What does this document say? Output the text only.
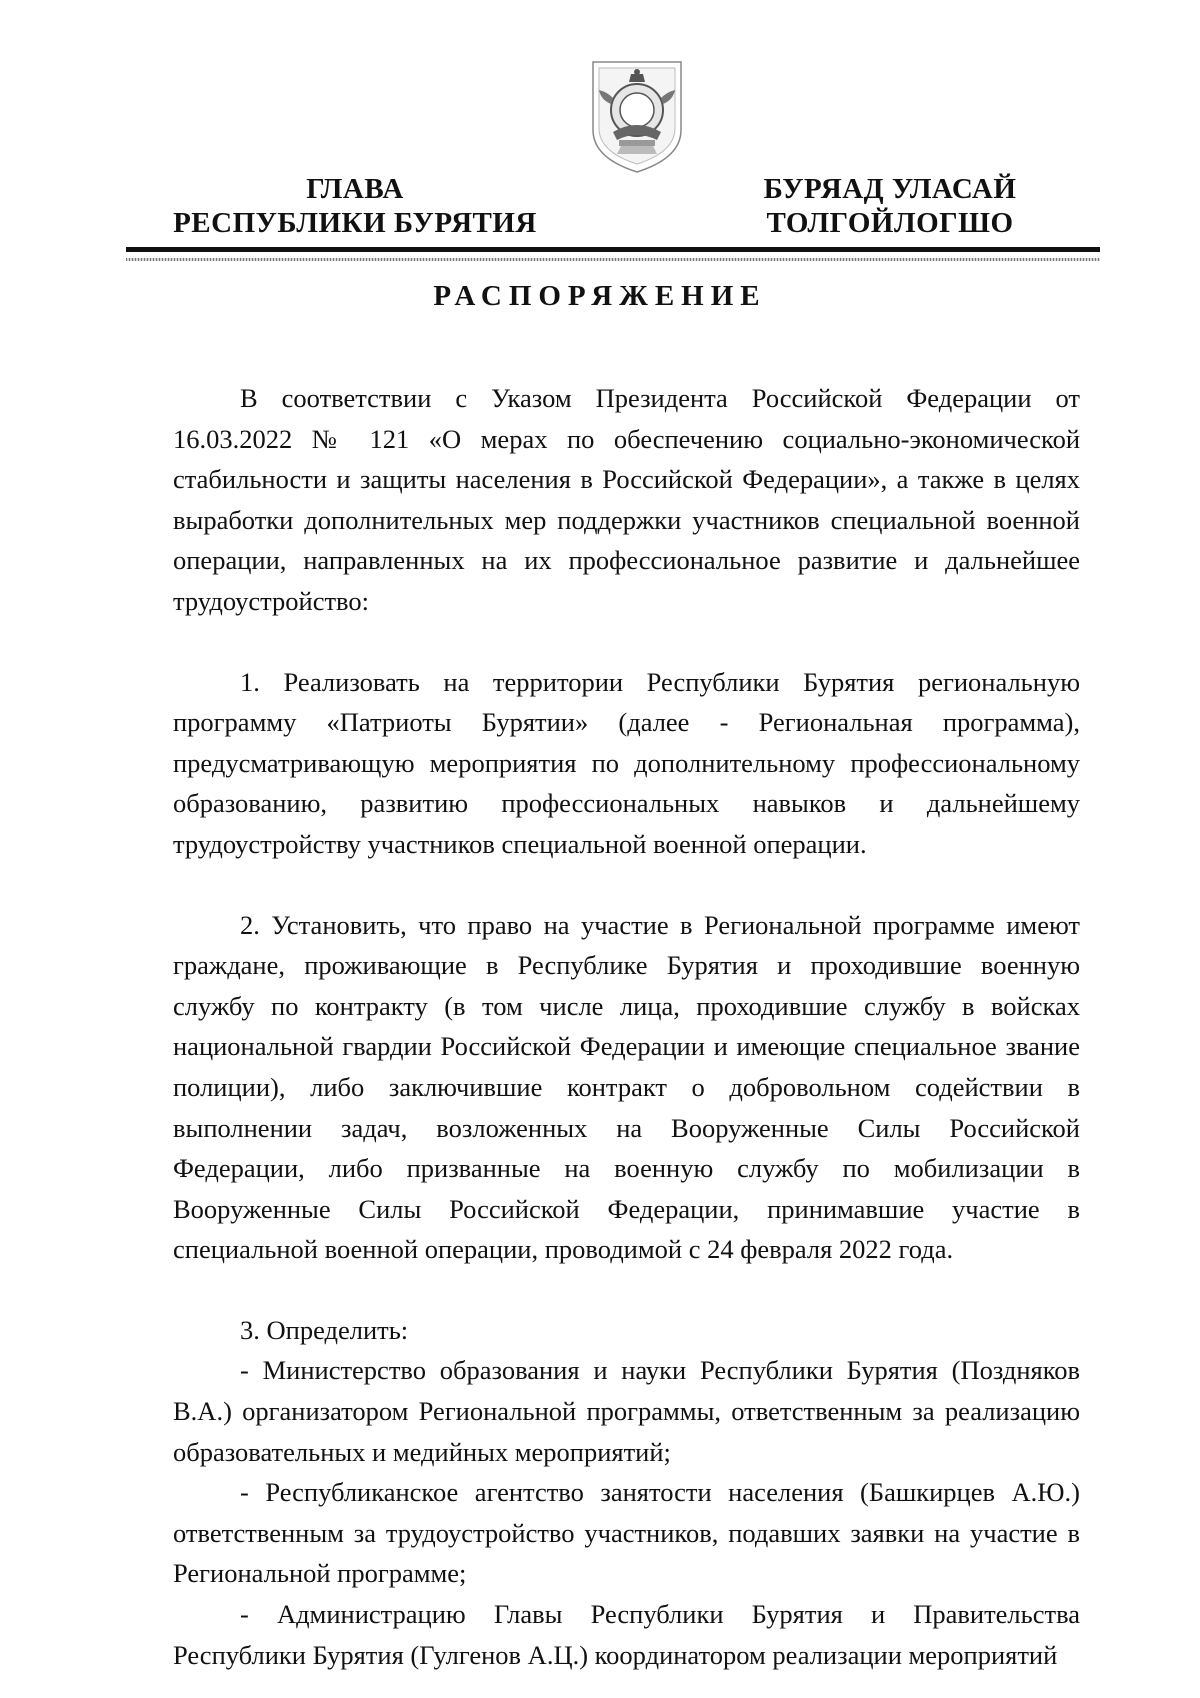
ГЛАВА
РЕСПУБЛИКИ БУРЯТИЯ
БУРЯАД УЛАСАЙ
ТОЛГОЙЛОГШО
РАСПОРЯЖЕНИЕ

В соответствии с Указом Президента Российской Федерации от 16.03.2022 № 121 «О мерах по обеспечению социально-экономической стабильности и защиты населения в Российской Федерации», а также в целях выработки дополнительных мер поддержки участников специальной военной операции, направленных на их профессиональное развитие и дальнейшее трудоустройство:

1. Реализовать на территории Республики Бурятия региональную программу «Патриоты Бурятии» (далее - Региональная программа), предусматривающую мероприятия по дополнительному профессиональному образованию, развитию профессиональных навыков и дальнейшему трудоустройству участников специальной военной операции.

2. Установить, что право на участие в Региональной программе имеют граждане, проживающие в Республике Бурятия и проходившие военную службу по контракту (в том числе лица, проходившие службу в войсках национальной гвардии Российской Федерации и имеющие специальное звание полиции), либо заключившие контракт о добровольном содействии в выполнении задач, возложенных на Вооруженные Силы Российской Федерации, либо призванные на военную службу по мобилизации в Вооруженные Силы Российской Федерации, принимавшие участие в специальной военной операции, проводимой с 24 февраля 2022 года.

3. Определить:

- Министерство образования и науки Республики Бурятия (Поздняков В.А.) организатором Региональной программы, ответственным за реализацию образовательных и медийных мероприятий;

- Республиканское агентство занятости населения (Башкирцев А.Ю.) ответственным за трудоустройство участников, подавших заявки на участие в Региональной программе;

- Администрацию Главы Республики Бурятия и Правительства Республики Бурятия (Гулгенов А.Ц.) координатором реализации мероприятий
